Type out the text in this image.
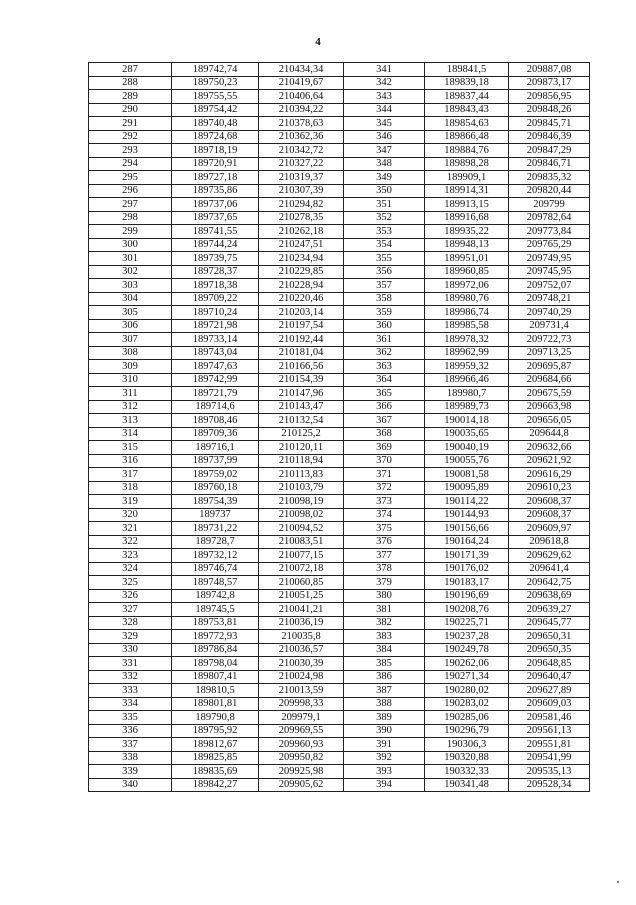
4
287	189742,74	210434,34	341	189841,5	209887,08
288	189750,23	210419,67	342	189839,18	209873,17
289	189755,55	210406,64	343	189837,44	209856,95
290	189754,42	210394,22	344	189843,43	209848,26
291	189740,48	210378,63	345	189854,63	209845,71
292	189724,68	210362,36	346	189866,48	209846,39
293	189718,19	210342,72	347	189884,76	209847,29
294	189720,91	210327,22	348	189898,28	209846,71
295	189727,18	210319,37	349	189909,1	209835,32
296	189735,86	210307,39	350	189914,31	209820,44
297	189737,06	210294,82	351	189913,15	209799
298	189737,65	210278,35	352	189916,68	209782,64
299	189741,55	210262,18	353	189935,22	209773,84
300	189744,24	210247,51	354	189948,13	209765,29
301	189739,75	210234,94	355	189951,01	209749,95
302	189728,37	210229,85	356	189960,85	209745,95
303	189718,38	210228,94	357	189972,06	209752,07
304	189709,22	210220,46	358	189980,76	209748,21
305	189710,24	210203,14	359	189986,74	209740,29
306	189721,98	210197,54	360	189985,58	209731,4
307	189733,14	210192,44	361	189978,32	209722,73
308	189743,04	210181,04	362	189962,99	209713,25
309	189747,63	210166,56	363	189959,32	209695,87
310	189742,99	210154,39	364	189966,46	209684,66
311	189721,79	210147,96	365	189980,7	209675,59
312	189714,6	210143,47	366	189989,73	209663,98
313	189708,46	210132,54	367	190014,18	209656,05
314	189709,36	210125,2	368	190035,65	209644,8
315	189716,1	210120,11	369	190040,19	209632,66
316	189737,99	210118,94	370	190055,76	209621,92
317	189759,02	210113,83	371	190081,58	209616,29
318	189760,18	210103,79	372	190095,89	209610,23
319	189754,39	210098,19	373	190114,22	209608,37
320	189737	210098,02	374	190144,93	209608,37
321	189731,22	210094,52	375	190156,66	209609,97
322	189728,7	210083,51	376	190164,24	209618,8
323	189732,12	210077,15	377	190171,39	209629,62
324	189746,74	210072,18	378	190176,02	209641,4
325	189748,57	210060,85	379	190183,17	209642,75
326	189742,8	210051,25	380	190196,69	209638,69
327	189745,5	210041,21	381	190208,76	209639,27
328	189753,81	210036,19	382	190225,71	209645,77
329	189772,93	210035,8	383	190237,28	209650,31
330	189786,84	210036,57	384	190249,78	209650,35
331	189798,04	210030,39	385	190262,06	209648,85
332	189807,41	210024,98	386	190271,34	209640,47
333	189810,5	210013,59	387	190280,02	209627,89
334	189801,81	209998,33	388	190283,02	209609,03
335	189790,8	209979,1	389	190285,06	209581,46
336	189795,92	209969,55	390	190296,79	209561,13
337	189812,67	209960,93	391	190306,3	209551,81
338	189825,85	209950,82	392	190320,88	209541,99
339	189835,69	209925,98	393	190332,33	209535,13
340	189842,27	209905,62	394	190341,48	209528,34
